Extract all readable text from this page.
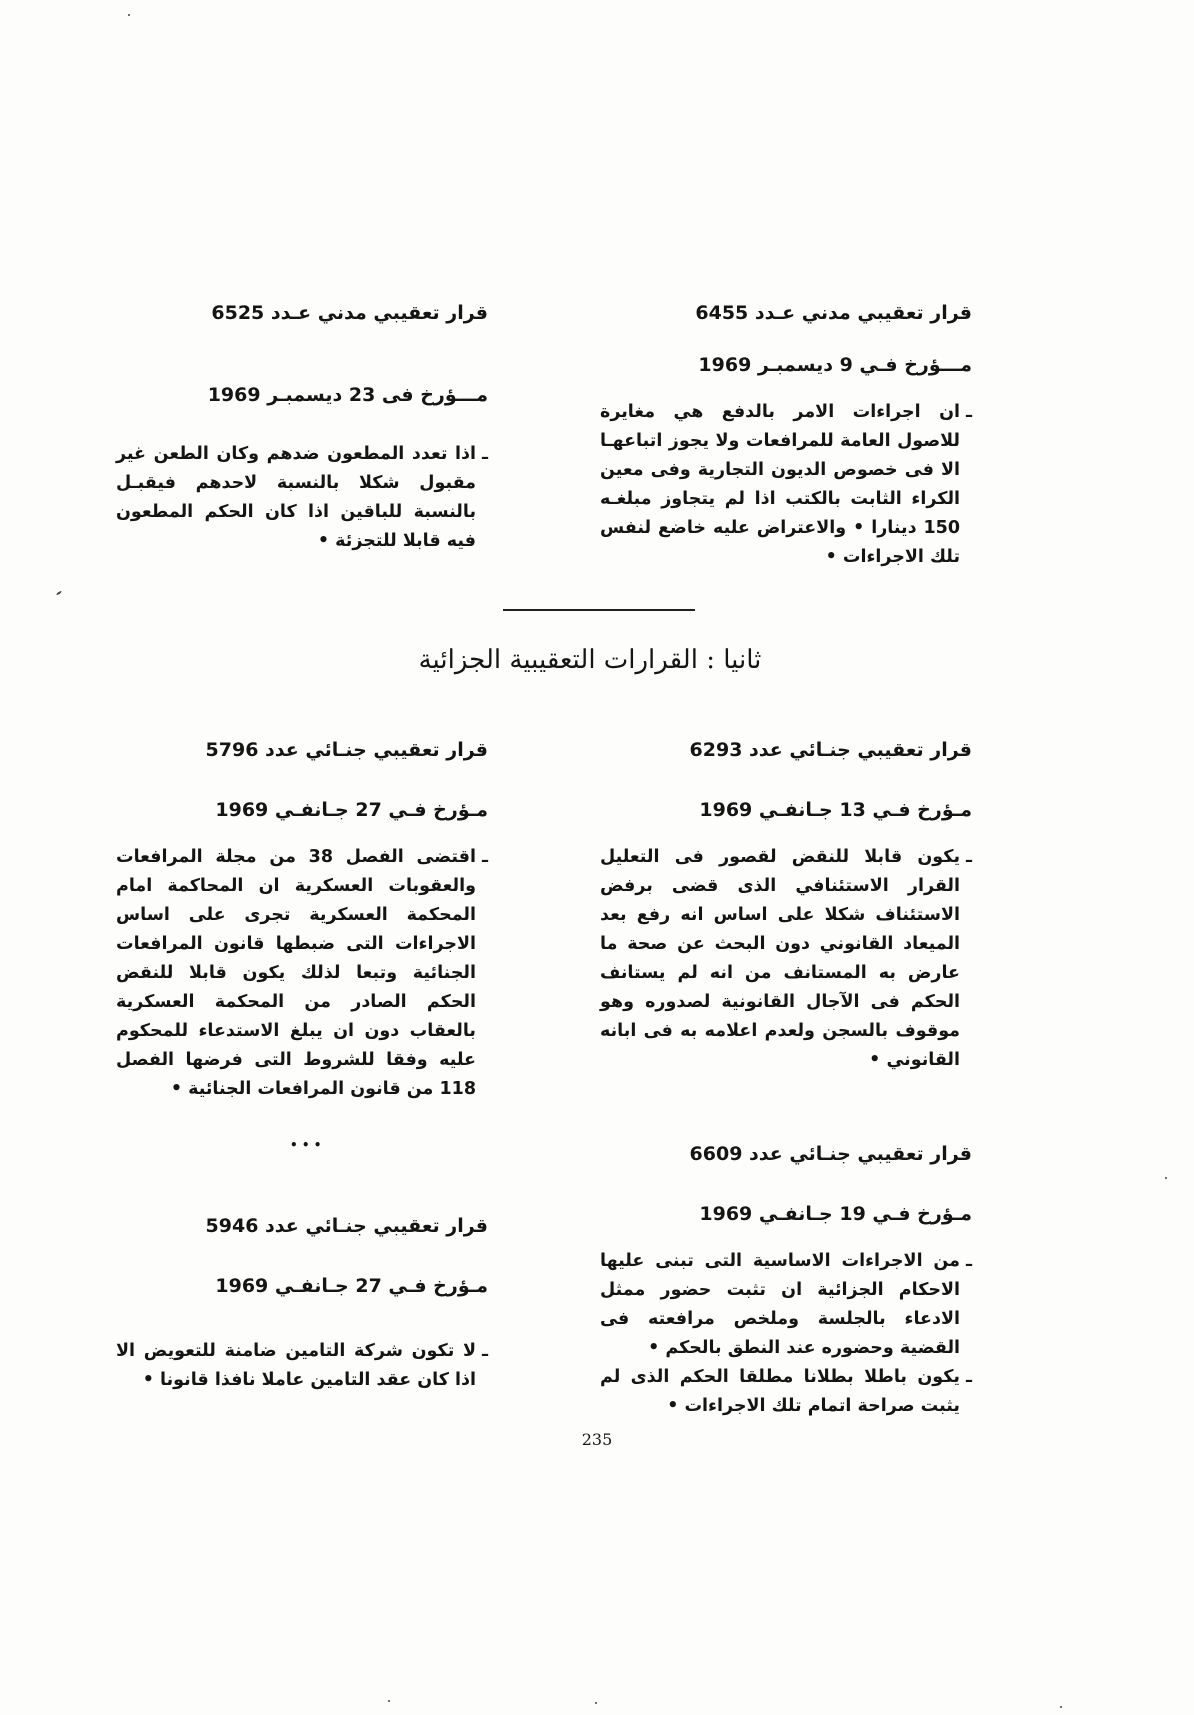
قرار تعقيبي مدني عـدد 6455
مـــؤرخ فـي 9 ديسمبـر 1969
ـ
ان اجراءات الامر بالدفع هي مغايرة للاصول العامة للمرافعات ولا يجوز اتباعهـا الا فى خصوص الديون التجارية وفى معين الكراء الثابت بالكتب اذا لم يتجاوز مبلغـه 150 دينارا • والاعتراض عليه خاضع لنفس تلك الاجراءات •
قرار تعقيبي مدني عـدد 6525
مـــؤرخ فى 23 ديسمبـر 1969
ـ
اذا تعدد المطعون ضدهم وكان الطعن غير مقبول شكلا بالنسبة لاحدهم فيقبـل بالنسبة للباقين اذا كان الحكم المطعون فيه قابلا للتجزئة •
ثانيا : القرارات التعقيبية الجزائية
قرار تعقيبي جنـائي عدد 6293
مـؤرخ فـي 13 جـانفـي 1969
ـ
يكون قابلا للنقض لقصور فى التعليل القرار الاستئنافي الذى قضى برفض الاستئناف شكلا على اساس انه رفع بعد الميعاد القانوني دون البحث عن صحة ما عارض به المستانف من انه لم يستانف الحكم فى الآجال القانونية لصدوره وهو موقوف بالسجن ولعدم اعلامه به فى ابانه القانوني •
قرار تعقيبي جنـائي عدد 5796
مـؤرخ فـي 27 جـانفـي 1969
ـ
اقتضى الفصل 38 من مجلة المرافعات والعقوبات العسكرية ان المحاكمة امام المحكمة العسكرية تجرى على اساس الاجراءات التى ضبطها قانون المرافعات الجنائية وتبعا لذلك يكون قابلا للنقض الحكم الصادر من المحكمة العسكرية بالعقاب دون ان يبلغ الاستدعاء للمحكوم عليه وفقا للشروط التى فرضها الفصل 118 من قانون المرافعات الجنائية •
• • •	قرار تعقيبي جنـائي عدد 6609
مـؤرخ فـي 19 جـانفـي 1969
ـ
من الاجراءات الاساسية التى تبنى عليها الاحكام الجزائية ان تثبت حضور ممثل الادعاء بالجلسة وملخص مرافعته فى القضية وحضوره عند النطق بالحكم •
ـ
يكون باطلا بطلانا مطلقا الحكم الذى لم يثبت صراحة اتمام تلك الاجراءات •
قرار تعقيبي جنـائي عدد 5946
مـؤرخ فـي 27 جـانفـي 1969
ـ
لا تكون شركة التامين ضامنة للتعويض الا اذا كان عقد التامين عاملا نافذا قانونا •
235
